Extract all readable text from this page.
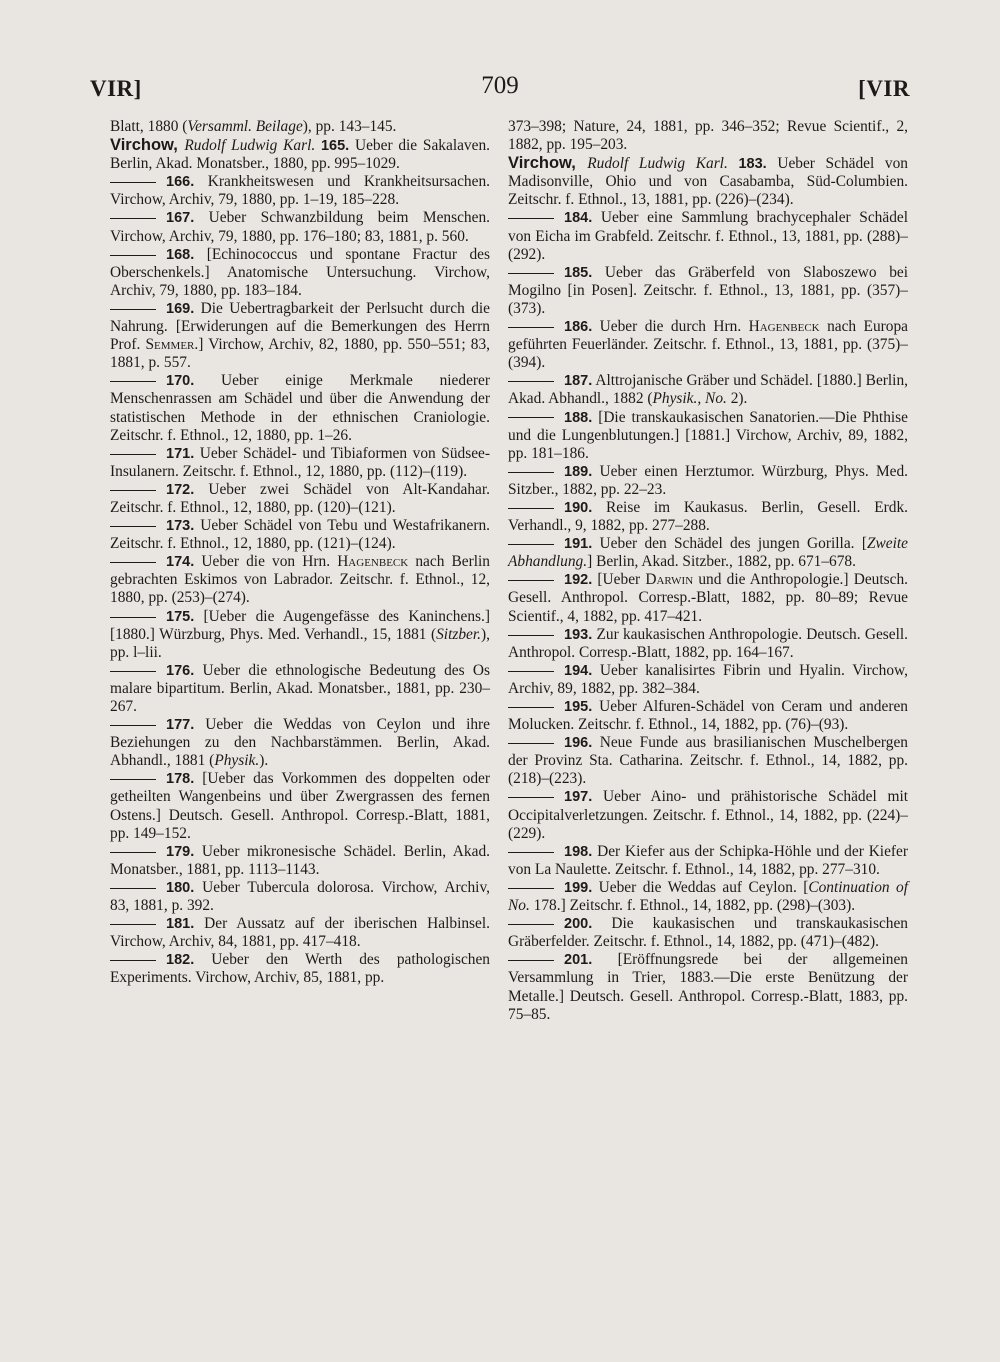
VIR]	709	[VIR

Blatt, 1880 (Versamml. Beilage), pp. 143–145.

Virchow, Rudolf Ludwig Karl. 165. Ueber die Sakalaven. Berlin, Akad. Monatsber., 1880, pp. 995–1029.

166. Krankheitswesen und Krankheitsursachen. Virchow, Archiv, 79, 1880, pp. 1–19, 185–228.

167. Ueber Schwanzbildung beim Menschen. Virchow, Archiv, 79, 1880, pp. 176–180; 83, 1881, p. 560.

168. [Echinococcus und spontane Fractur des Oberschenkels.] Anatomische Untersuchung. Virchow, Archiv, 79, 1880, pp. 183–184.

169. Die Uebertragbarkeit der Perlsucht durch die Nahrung. [Erwiderungen auf die Bemerkungen des Herrn Prof. Semmer.] Virchow, Archiv, 82, 1880, pp. 550–551; 83, 1881, p. 557.

170. Ueber einige Merkmale niederer Menschenrassen am Schädel und über die Anwendung der statistischen Methode in der ethnischen Craniologie. Zeitschr. f. Ethnol., 12, 1880, pp. 1–26.

171. Ueber Schädel- und Tibiaformen von Südsee-Insulanern. Zeitschr. f. Ethnol., 12, 1880, pp. (112)–(119).

172. Ueber zwei Schädel von Alt-Kandahar. Zeitschr. f. Ethnol., 12, 1880, pp. (120)–(121).

173. Ueber Schädel von Tebu und Westafrikanern. Zeitschr. f. Ethnol., 12, 1880, pp. (121)–(124).

174. Ueber die von Hrn. Hagenbeck nach Berlin gebrachten Eskimos von Labrador. Zeitschr. f. Ethnol., 12, 1880, pp. (253)–(274).

175. [Ueber die Augengefässe des Kaninchens.] [1880.] Würzburg, Phys. Med. Verhandl., 15, 1881 (Sitzber.), pp. l–lii.

176. Ueber die ethnologische Bedeutung des Os malare bipartitum. Berlin, Akad. Monatsber., 1881, pp. 230–267.

177. Ueber die Weddas von Ceylon und ihre Beziehungen zu den Nachbarstämmen. Berlin, Akad. Abhandl., 1881 (Physik.).

178. [Ueber das Vorkommen des doppelten oder getheilten Wangenbeins und über Zwergrassen des fernen Ostens.] Deutsch. Gesell. Anthropol. Corresp.-Blatt, 1881, pp. 149–152.

179. Ueber mikronesische Schädel. Berlin, Akad. Monatsber., 1881, pp. 1113–1143.

180. Ueber Tubercula dolorosa. Virchow, Archiv, 83, 1881, p. 392.

181. Der Aussatz auf der iberischen Halbinsel. Virchow, Archiv, 84, 1881, pp. 417–418.

182. Ueber den Werth des pathologischen Experiments. Virchow, Archiv, 85, 1881, pp.

373–398; Nature, 24, 1881, pp. 346–352; Revue Scientif., 2, 1882, pp. 195–203.

Virchow, Rudolf Ludwig Karl. 183. Ueber Schädel von Madisonville, Ohio und von Casabamba, Süd-Columbien. Zeitschr. f. Ethnol., 13, 1881, pp. (226)–(234).

184. Ueber eine Sammlung brachycephaler Schädel von Eicha im Grabfeld. Zeitschr. f. Ethnol., 13, 1881, pp. (288)–(292).

185. Ueber das Gräberfeld von Slaboszewo bei Mogilno [in Posen]. Zeitschr. f. Ethnol., 13, 1881, pp. (357)–(373).

186. Ueber die durch Hrn. Hagenbeck nach Europa geführten Feuerländer. Zeitschr. f. Ethnol., 13, 1881, pp. (375)–(394).

187. Alttrojanische Gräber und Schädel. [1880.] Berlin, Akad. Abhandl., 1882 (Physik., No. 2).

188. [Die transkaukasischen Sanatorien.—Die Phthise und die Lungenblutungen.] [1881.] Virchow, Archiv, 89, 1882, pp. 181–186.

189. Ueber einen Herztumor. Würzburg, Phys. Med. Sitzber., 1882, pp. 22–23.

190. Reise im Kaukasus. Berlin, Gesell. Erdk. Verhandl., 9, 1882, pp. 277–288.

191. Ueber den Schädel des jungen Gorilla. [Zweite Abhandlung.] Berlin, Akad. Sitzber., 1882, pp. 671–678.

192. [Ueber Darwin und die Anthropologie.] Deutsch. Gesell. Anthropol. Corresp.-Blatt, 1882, pp. 80–89; Revue Scientif., 4, 1882, pp. 417–421.

193. Zur kaukasischen Anthropologie. Deutsch. Gesell. Anthropol. Corresp.-Blatt, 1882, pp. 164–167.

194. Ueber kanalisirtes Fibrin und Hyalin. Virchow, Archiv, 89, 1882, pp. 382–384.

195. Ueber Alfuren-Schädel von Ceram und anderen Molucken. Zeitschr. f. Ethnol., 14, 1882, pp. (76)–(93).

196. Neue Funde aus brasilianischen Muschelbergen der Provinz Sta. Catharina. Zeitschr. f. Ethnol., 14, 1882, pp. (218)–(223).

197. Ueber Aino- und prähistorische Schädel mit Occipitalverletzungen. Zeitschr. f. Ethnol., 14, 1882, pp. (224)–(229).

198. Der Kiefer aus der Schipka-Höhle und der Kiefer von La Naulette. Zeitschr. f. Ethnol., 14, 1882, pp. 277–310.

199. Ueber die Weddas auf Ceylon. [Continuation of No. 178.] Zeitschr. f. Ethnol., 14, 1882, pp. (298)–(303).

200. Die kaukasischen und transkaukasischen Gräberfelder. Zeitschr. f. Ethnol., 14, 1882, pp. (471)–(482).

201. [Eröffnungsrede bei der allgemeinen Versammlung in Trier, 1883.—Die erste Benützung der Metalle.] Deutsch. Gesell. Anthropol. Corresp.-Blatt, 1883, pp. 75–85.
